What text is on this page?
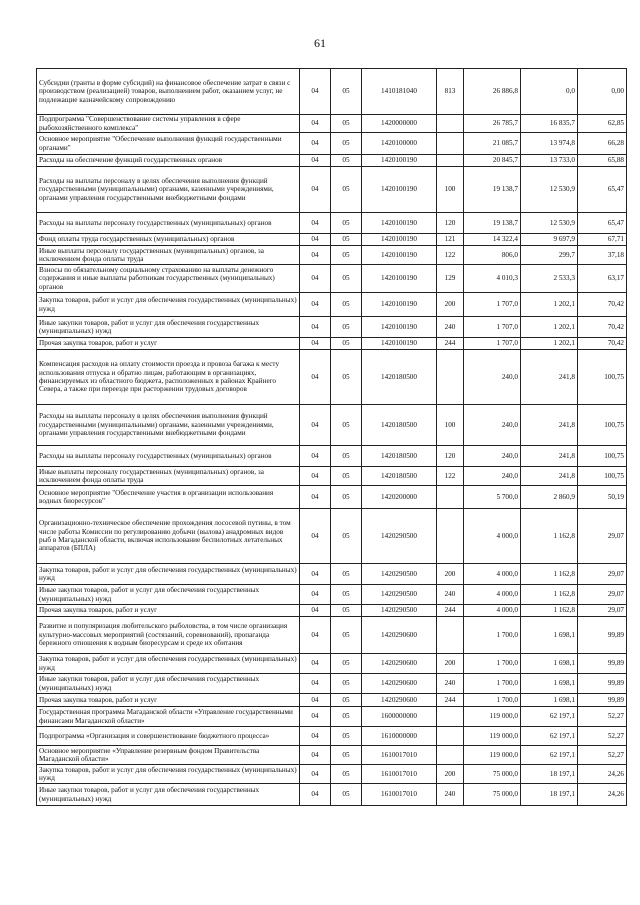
61
Субсидии (гранты в форме субсидий) на финансовое обеспечение затрат в связи с производством (реализацией) товаров, выполнением работ, оказанием услуг, не подлежащие казначейскому сопровождению	04	05	1410181040	813	26 886,8	0,0	0,00
Подпрограмма "Совершенствование системы управления в сфере рыбохозяйственного комплекса"	04	05	1420000000		26 785,7	16 835,7	62,85
Основное мероприятие "Обеспечение выполнения функций государственными органами"	04	05	1420100000		21 085,7	13 974,8	66,28
Расходы на обеспечение функций государственных органов	04	05	1420100190		20 845,7	13 733,0	65,88
Расходы на выплаты персоналу в целях обеспечения выполнения функций государственными (муниципальными) органами, казенными учреждениями, органами управления государственными внебюджетными фондами	04	05	1420100190	100	19 138,7	12 530,9	65,47
Расходы на выплаты персоналу государственных (муниципальных) органов	04	05	1420100190	120	19 138,7	12 530,9	65,47
Фонд оплаты труда государственных (муниципальных) органов	04	05	1420100190	121	14 322,4	9 697,9	67,71
Иные выплаты персоналу государственных (муниципальных) органов, за исключением фонда оплаты труда	04	05	1420100190	122	806,0	299,7	37,18
Взносы по обязательному социальному страхованию на выплаты денежного содержания и иные выплаты работникам государственных (муниципальных) органов	04	05	1420100190	129	4 010,3	2 533,3	63,17
Закупка товаров, работ и услуг для обеспечения государственных (муниципальных) нужд	04	05	1420100190	200	1 707,0	1 202,1	70,42
Иные закупки товаров, работ и услуг для обеспечения государственных (муниципальных) нужд	04	05	1420100190	240	1 707,0	1 202,1	70,42
Прочая закупка товаров, работ и услуг	04	05	1420100190	244	1 707,0	1 202,1	70,42
Компенсация расходов на оплату стоимости проезда и провоза багажа к месту использования отпуска и обратно лицам, работающим в организациях, финансируемых из областного бюджета, расположенных в районах Крайнего Севера, а также при переезде при расторжении трудовых договоров	04	05	1420180500		240,0	241,8	100,75
Расходы на выплаты персоналу в целях обеспечения выполнения функций государственными (муниципальными) органами, казенными учреждениями, органами управления государственными внебюджетными фондами	04	05	1420180500	100	240,0	241,8	100,75
Расходы на выплаты персоналу государственных (муниципальных) органов	04	05	1420180500	120	240,0	241,8	100,75
Иные выплаты персоналу государственных (муниципальных) органов, за исключением фонда оплаты труда	04	05	1420180500	122	240,0	241,8	100,75
Основное мероприятие "Обеспечение участия в организации использования водных биоресурсов"	04	05	1420200000		5 700,0	2 860,9	50,19
Организационно-техническое обеспечение прохождения лососевой путины, в том числе работы Комиссии по регулированию добычи (вылова) анадромных видов рыб в Магаданской области, включая использование беспилотных летательных аппаратов (БПЛА)	04	05	1420290500		4 000,0	1 162,8	29,07
Закупка товаров, работ и услуг для обеспечения государственных (муниципальных) нужд	04	05	1420290500	200	4 000,0	1 162,8	29,07
Иные закупки товаров, работ и услуг для обеспечения государственных (муниципальных) нужд	04	05	1420290500	240	4 000,0	1 162,8	29,07
Прочая закупка товаров, работ и услуг	04	05	1420290500	244	4 000,0	1 162,8	29,07
Развитие и популяризация любительского рыболовства, в том числе организация культурно-массовых мероприятий (состязаний, соревнований), пропаганда бережного отношения к водным биоресурсам и среде их обитания	04	05	1420290600		1 700,0	1 698,1	99,89
Закупка товаров, работ и услуг для обеспечения государственных (муниципальных) нужд	04	05	1420290600	200	1 700,0	1 698,1	99,89
Иные закупки товаров, работ и услуг для обеспечения государственных (муниципальных) нужд	04	05	1420290600	240	1 700,0	1 698,1	99,89
Прочая закупка товаров, работ и услуг	04	05	1420290600	244	1 700,0	1 698,1	99,89
Государственная программа Магаданской области «Управление государственными финансами Магаданской области»	04	05	1600000000		119 000,0	62 197,1	52,27
Подпрограмма «Организация и совершенствование бюджетного процесса»	04	05	1610000000		119 000,0	62 197,1	52,27
Основное мероприятие «Управление резервным фондом Правительства Магаданской области»	04	05	1610017010		119 000,0	62 197,1	52,27
Закупка товаров, работ и услуг для обеспечения государственных (муниципальных) нужд	04	05	1610017010	200	75 000,0	18 197,1	24,26
Иные закупки товаров, работ и услуг для обеспечения государственных (муниципальных) нужд	04	05	1610017010	240	75 000,0	18 197,1	24,26
